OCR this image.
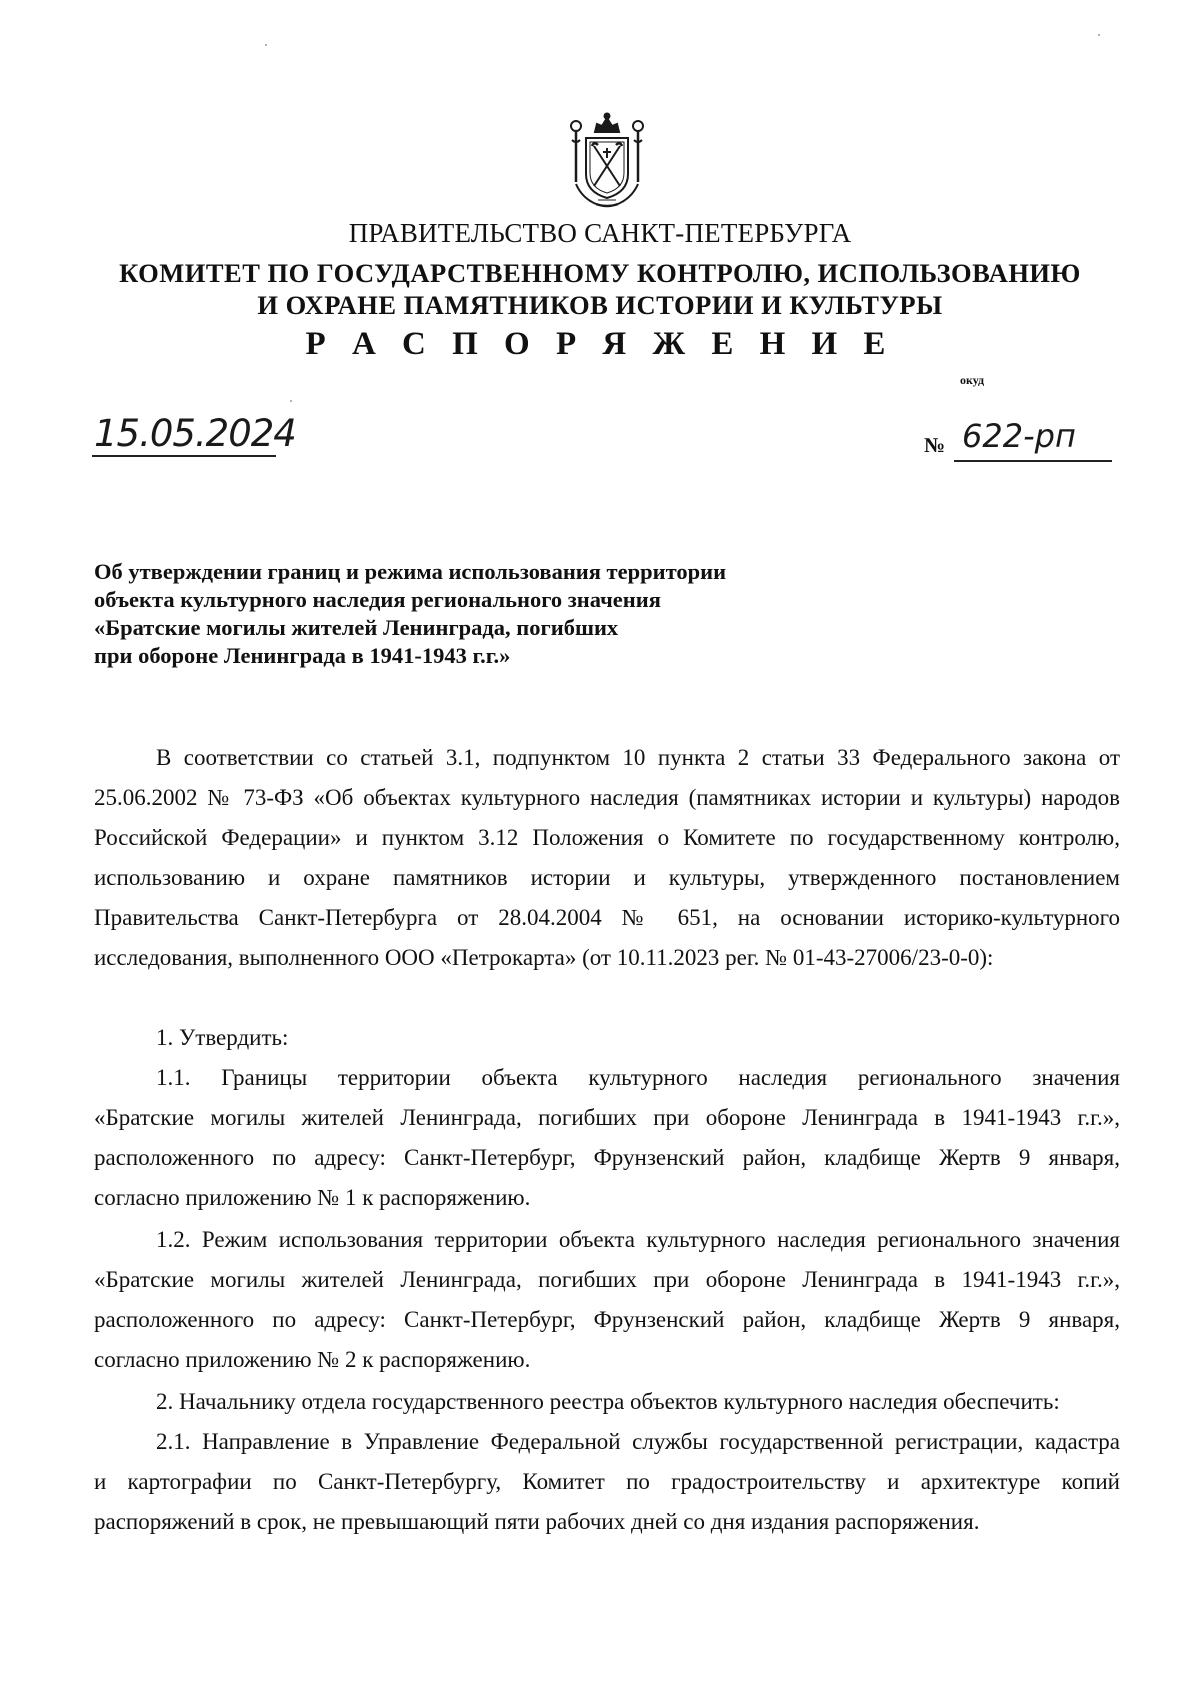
ПРАВИТЕЛЬСТВО САНКТ-ПЕТЕРБУРГА
КОМИТЕТ ПО ГОСУДАРСТВЕННОМУ КОНТРОЛЮ, ИСПОЛЬЗОВАНИЮ
И ОХРАНЕ ПАМЯТНИКОВ ИСТОРИИ И КУЛЬТУРЫ
Р А С П О Р Я Ж Е Н И Е
окуд
15.05.2024	№ 622-рп
Об утверждении границ и режима использования территории
объекта культурного наследия регионального значения
«Братские могилы жителей Ленинграда, погибших
при обороне Ленинграда в 1941-1943 г.г.»
В соответствии со статьей 3.1, подпунктом 10 пункта 2 статьи 33 Федерального закона от
25.06.2002 № 73-ФЗ «Об объектах культурного наследия (памятниках истории и культуры) народов
Российской Федерации» и пунктом 3.12 Положения о Комитете по государственному контролю,
использованию и охране памятников истории и культуры, утвержденного постановлением
Правительства Санкт-Петербурга от 28.04.2004 № 651, на основании историко-культурного
исследования, выполненного ООО «Петрокарта» (от 10.11.2023 рег. № 01-43-27006/23-0-0):
1. Утвердить:
1.1. Границы территории объекта культурного наследия регионального значения
«Братские могилы жителей Ленинграда, погибших при обороне Ленинграда в 1941-1943 г.г.»,
расположенного по адресу: Санкт-Петербург, Фрунзенский район, кладбище Жертв 9 января,
согласно приложению № 1 к распоряжению.
1.2. Режим использования территории объекта культурного наследия регионального значения
«Братские могилы жителей Ленинграда, погибших при обороне Ленинграда в 1941-1943 г.г.»,
расположенного по адресу: Санкт-Петербург, Фрунзенский район, кладбище Жертв 9 января,
согласно приложению № 2 к распоряжению.
2. Начальнику отдела государственного реестра объектов культурного наследия обеспечить:
2.1. Направление в Управление Федеральной службы государственной регистрации, кадастра
и картографии по Санкт-Петербургу, Комитет по градостроительству и архитектуре копий
распоряжений в срок, не превышающий пяти рабочих дней со дня издания распоряжения.
